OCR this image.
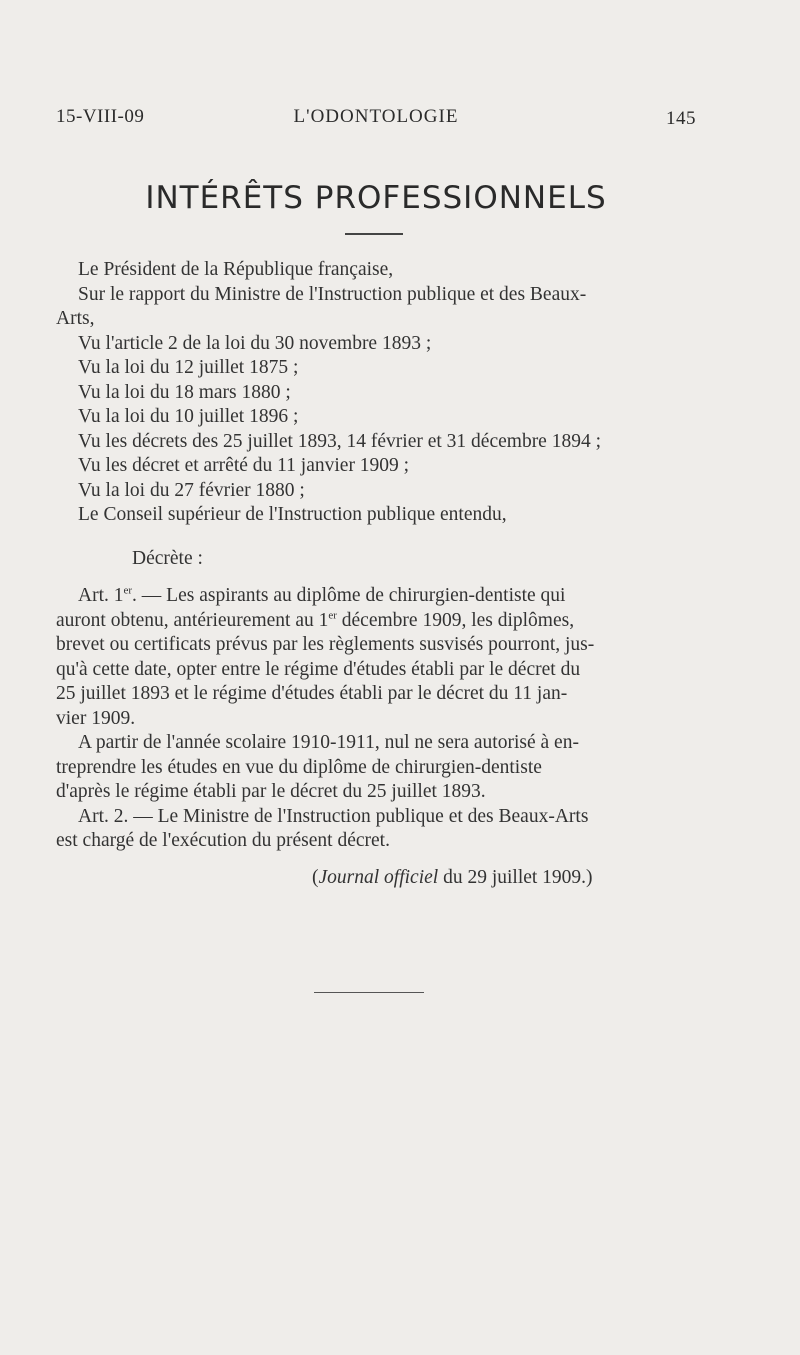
15-VIII-09	L'ODONTOLOGIE	145
INTÉRÊTS PROFESSIONNELS
Le Président de la République française,
Sur le rapport du Ministre de l'Instruction publique et des Beaux-
Arts,
Vu l'article 2 de la loi du 30 novembre 1893 ;
Vu la loi du 12 juillet 1875 ;
Vu la loi du 18 mars 1880 ;
Vu la loi du 10 juillet 1896 ;
Vu les décrets des 25 juillet 1893, 14 février et 31 décembre 1894 ;
Vu les décret et arrêté du 11 janvier 1909 ;
Vu la loi du 27 février 1880 ;
Le Conseil supérieur de l'Instruction publique entendu,
Décrète :
Art. 1er. — Les aspirants au diplôme de chirurgien-dentiste qui
auront obtenu, antérieurement au 1er décembre 1909, les diplômes,
brevet ou certificats prévus par les règlements susvisés pourront, jus-
qu'à cette date, opter entre le régime d'études établi par le décret du
25 juillet 1893 et le régime d'études établi par le décret du 11 jan-
vier 1909.
A partir de l'année scolaire 1910-1911, nul ne sera autorisé à en-
treprendre les études en vue du diplôme de chirurgien-dentiste
d'après le régime établi par le décret du 25 juillet 1893.
Art. 2. — Le Ministre de l'Instruction publique et des Beaux-Arts
est chargé de l'exécution du présent décret.
(Journal officiel du 29 juillet 1909.)
